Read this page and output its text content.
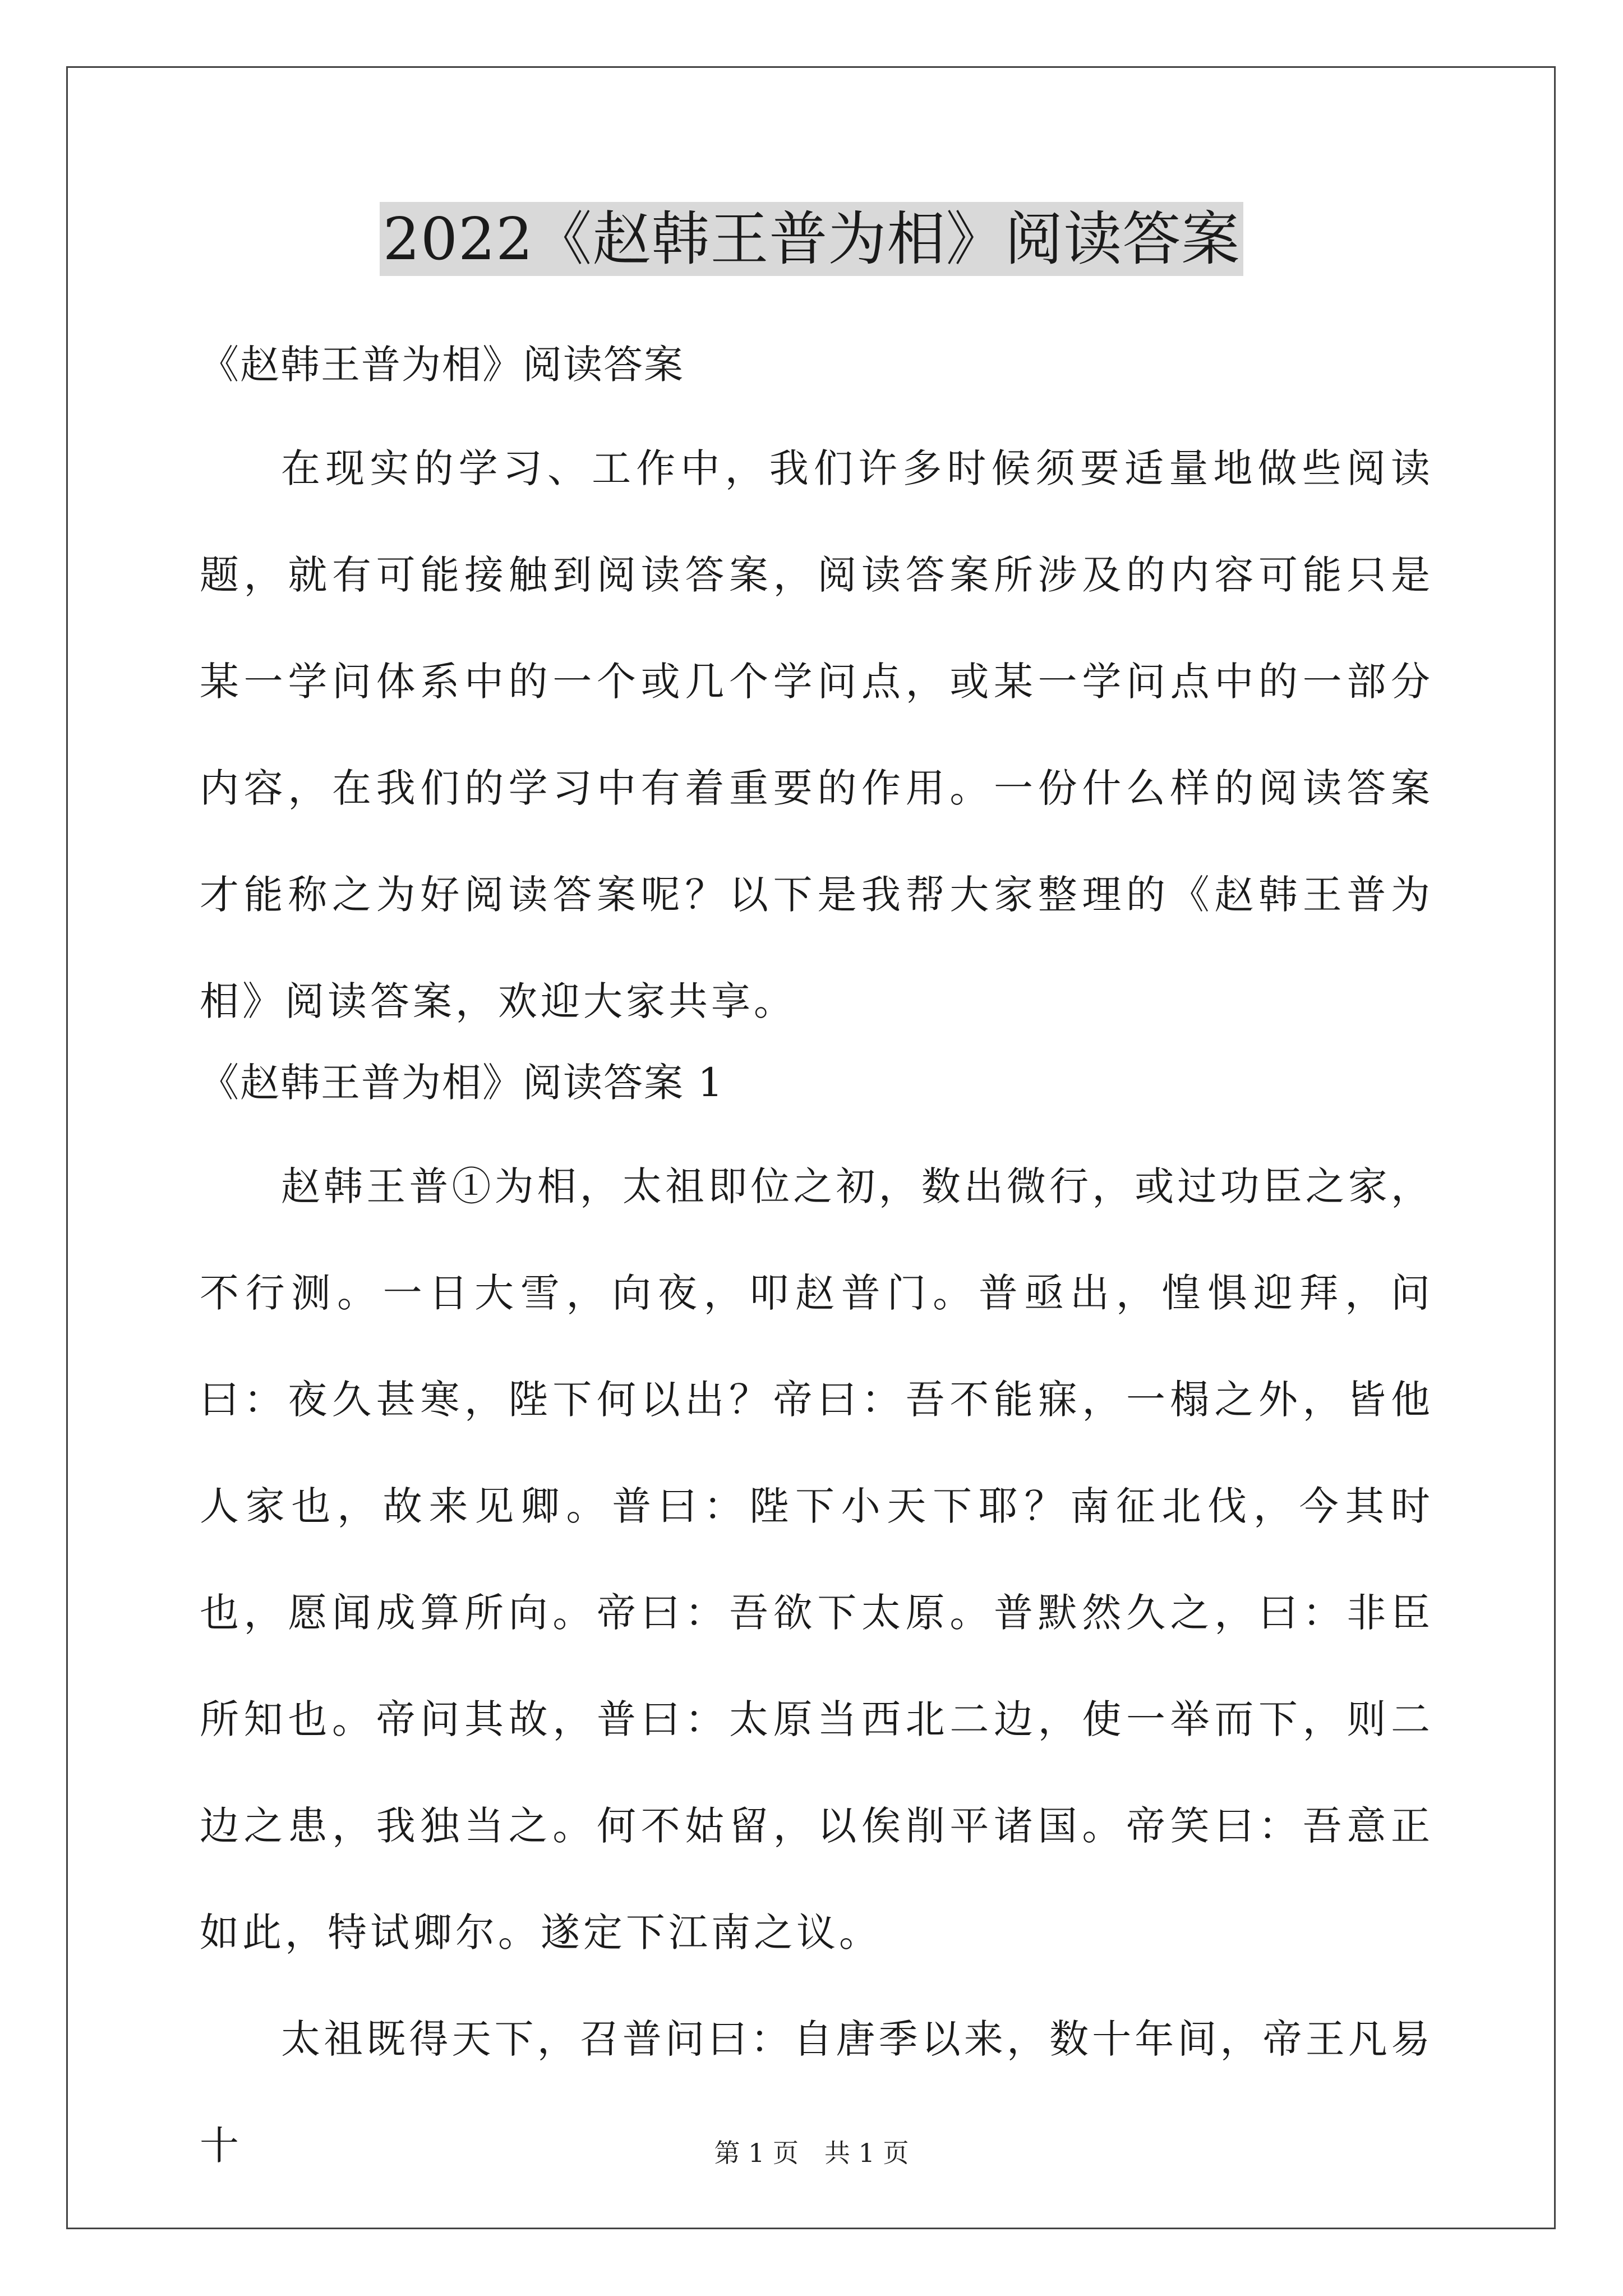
2022《赵韩王普为相》阅读答案

《赵韩王普为相》阅读答案

在现实的学习、工作中，我们许多时候须要适量地做些阅读题，就有可能接触到阅读答案，阅读答案所涉及的内容可能只是某一学问体系中的一个或几个学问点，或某一学问点中的一部分内容，在我们的学习中有着重要的作用。一份什么样的阅读答案才能称之为好阅读答案呢？以下是我帮大家整理的《赵韩王普为相》阅读答案，欢迎大家共享。

《赵韩王普为相》阅读答案 1

赵韩王普①为相，太祖即位之初，数出微行，或过功臣之家，不行测。一日大雪，向夜，叩赵普门。普亟出，惶惧迎拜，问曰：夜久甚寒，陛下何以出？帝曰：吾不能寐，一榻之外，皆他人家也，故来见卿。普曰：陛下小天下耶？南征北伐，今其时也，愿闻成算所向。帝曰：吾欲下太原。普默然久之，曰：非臣所知也。帝问其故，普曰：太原当西北二边，使一举而下，则二边之患，我独当之。何不姑留，以俟削平诸国。帝笑曰：吾意正如此，特试卿尔。遂定下江南之议。

太祖既得天下，召普问曰：自唐季以来，数十年间，帝王凡易十	第 1 页　共 1 页
